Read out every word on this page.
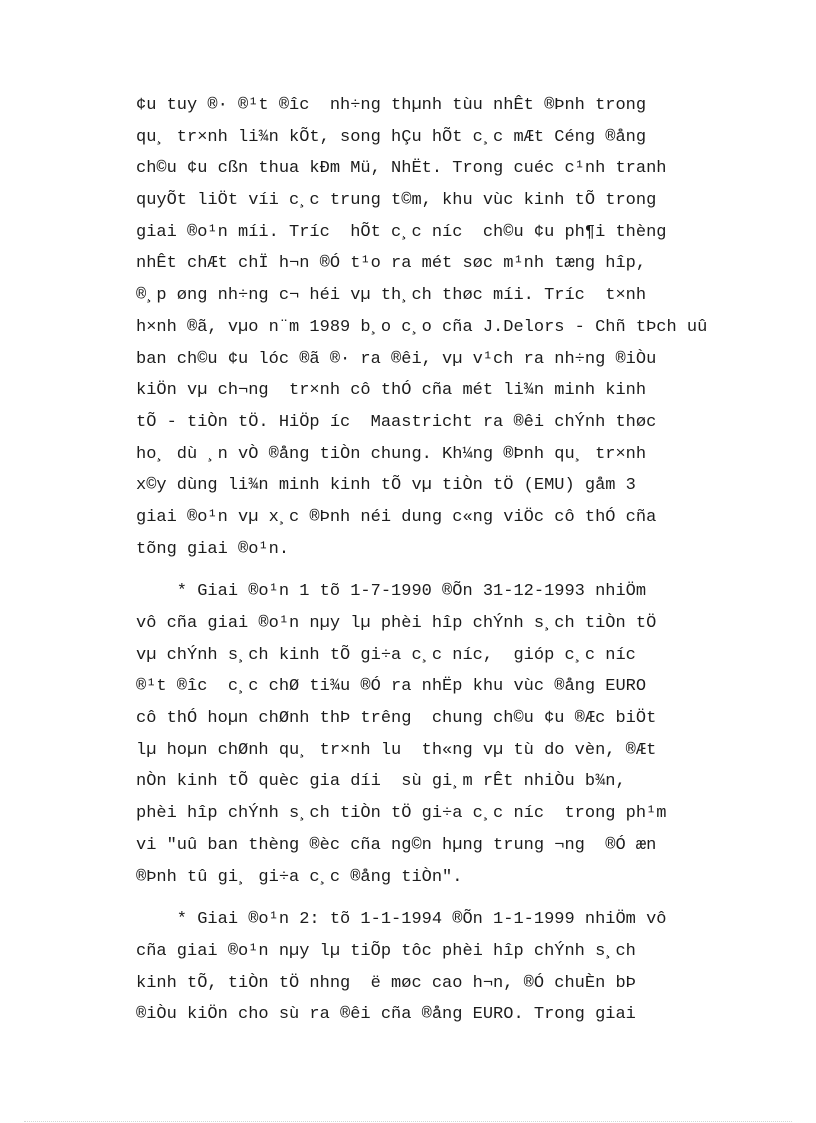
¢u tuy ®· ®¹t ®îc  nh÷ng thµnh tùu nhÊt ®Þnh trong
qu¸ tr×nh li¾n kÕt, song hÇu hÕt c¸c mÆt Céng ®ång
ch©u ¢u cßn thua kÐm Mü, NhËt. Trong cuéc c¹nh tranh
quyÕt liÖt víi c¸c trung t©m, khu vùc kinh tÕ trong
giai ®o¹n míi. Tríc  hÕt c¸c níc  ch©u ¢u ph¶i thèng
nhÊt chÆt chÏ h¬n ®Ó t¹o ra mét søc m¹nh tæng hîp,
®¸p øng nh÷ng c¬ héi vµ th¸ch thøc míi. Tríc  t×nh
h×nh ®ã, vµo n¨m 1989 b¸o c¸o cña J.Delors - Chñ tÞch uû
ban ch©u ¢u lóc ®ã ®· ra ®êi, vµ v¹ch ra nh÷ng ®iÒu
kiÖn vµ ch¬ng  tr×nh cô thÓ cña mét li¾n minh kinh
tÕ - tiÒn tÖ. HiÖp íc  Maastricht ra ®êi chÝnh thøc
ho¸ dù ¸n vÒ ®ång tiÒn chung. Kh¼ng ®Þnh qu¸ tr×nh
x©y dùng li¾n minh kinh tÕ vµ tiÒn tÖ (EMU) gåm 3
giai ®o¹n vµ x¸c ®Þnh néi dung c«ng viÖc cô thÓ cña
tõng giai ®o¹n.
* Giai ®o¹n 1 tõ 1-7-1990 ®Õn 31-12-1993 nhiÖm
vô cña giai ®o¹n nµy lµ phèi hîp chÝnh s¸ch tiÒn tÖ
vµ chÝnh s¸ch kinh tÕ gi÷a c¸c níc,  gióp c¸c níc
®¹t ®îc  c¸c chØ ti¾u ®Ó ra nhËp khu vùc ®ång EURO
cô thÓ hoµn chØnh thÞ trêng  chung ch©u ¢u ®Æc biÖt
lµ hoµn chØnh qu¸ tr×nh lu  th«ng vµ tù do vèn, ®Æt
nÒn kinh tÕ quèc gia díi  sù gi¸m rÊt nhiÒu b¾n,
phèi hîp chÝnh s¸ch tiÒn tÖ gi÷a c¸c níc  trong ph¹m
vi "uû ban thèng ®èc cña ng©n hµng trung ¬ng  ®Ó æn
®Þnh tû gi¸ gi÷a c¸c ®ång tiÒn".
* Giai ®o¹n 2: tõ 1-1-1994 ®Õn 1-1-1999 nhiÖm vô
cña giai ®o¹n nµy lµ tiÕp tôc phèi hîp chÝnh s¸ch
kinh tÕ, tiÒn tÖ nhng  ë møc cao h¬n, ®Ó chuÈn bÞ
®iÒu kiÖn cho sù ra ®êi cña ®ång EURO. Trong giai
